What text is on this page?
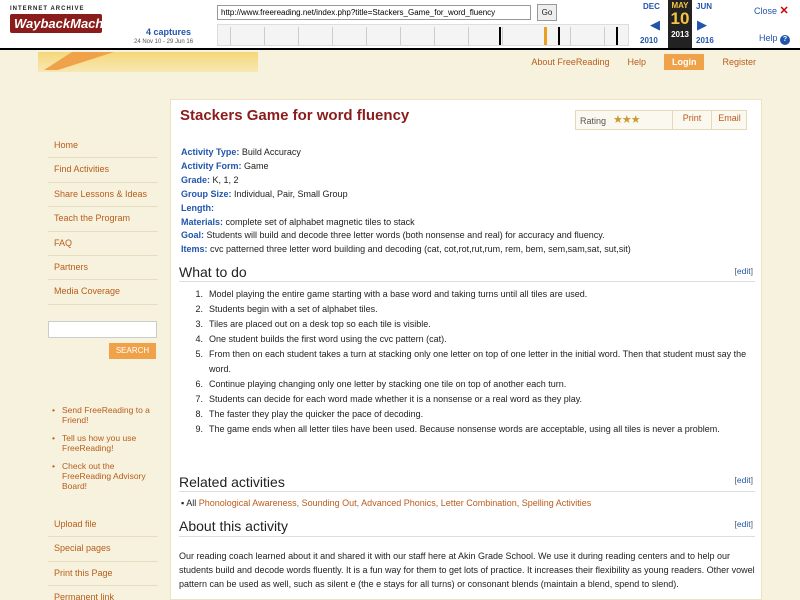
INTERNET ARCHIVE
WaybackMachine
http://www.freereading.net/index.php?title=Stackers_Game_for_word_fluency
Go
4 captures
24 Nov 10 - 29 Jun 16
DEC
◀
2010
MAY
10
2013
JUN
▶
2016
Close ✕
Help ?
About FreeReading Help	Login	Register
Home
Find Activities
Share Lessons & Ideas
Teach the Program
FAQ
Partners
Media Coverage
SEARCH
• Send FreeReading to a Friend!
• Tell us how you use FreeReading!
• Check out the FreeReading Advisory Board!
Upload file
Special pages
Print this Page
Permanent link
Stackers Game for word fluency	Rating ★★★	Print	Email
Activity Type: Build Accuracy
Activity Form: Game
Grade: K, 1, 2
Group Size: Individual, Pair, Small Group
Length:
Materials: complete set of alphabet magnetic tiles to stack
Goal: Students will build and decode three letter words (both nonsense and real) for accuracy and fluency.
Items: cvc patterned three letter word building and decoding (cat, cot,rot,rut,rum, rem, bem, sem,sam,sat, sut,sit)
What to do	[edit]
1. Model playing the entire game starting with a base word and taking turns until all tiles are used.
2. Students begin with a set of alphabet tiles.
3. Tiles are placed out on a desk top so each tile is visible.
4. One student builds the first word using the cvc pattern (cat).
5. From then on each student takes a turn at stacking only one letter on top of one letter in the initial word. Then that student must say the word.
6. Continue playing changing only one letter by stacking one tile on top of another each turn.
7. Students can decide for each word made whether it is a nonsense or a real word as they play.
8. The faster they play the quicker the pace of decoding.
9. The game ends when all letter tiles have been used. Because nonsense words are acceptable, using all tiles is never a problem.
Related activities	[edit]
▪ All Phonological Awareness, Sounding Out, Advanced Phonics, Letter Combination, Spelling Activities
About this activity	[edit]
Our reading coach learned about it and shared it with our staff here at Akin Grade School. We use it during reading centers and to help our students build and decode words fluently. It is a fun way for them to get lots of practice. It increases their flexibility as young readers. Other vowel pattern can be used as well, such as silent e (the e stays for all turns) or consonant blends (maintain a blend, spend to slend).
